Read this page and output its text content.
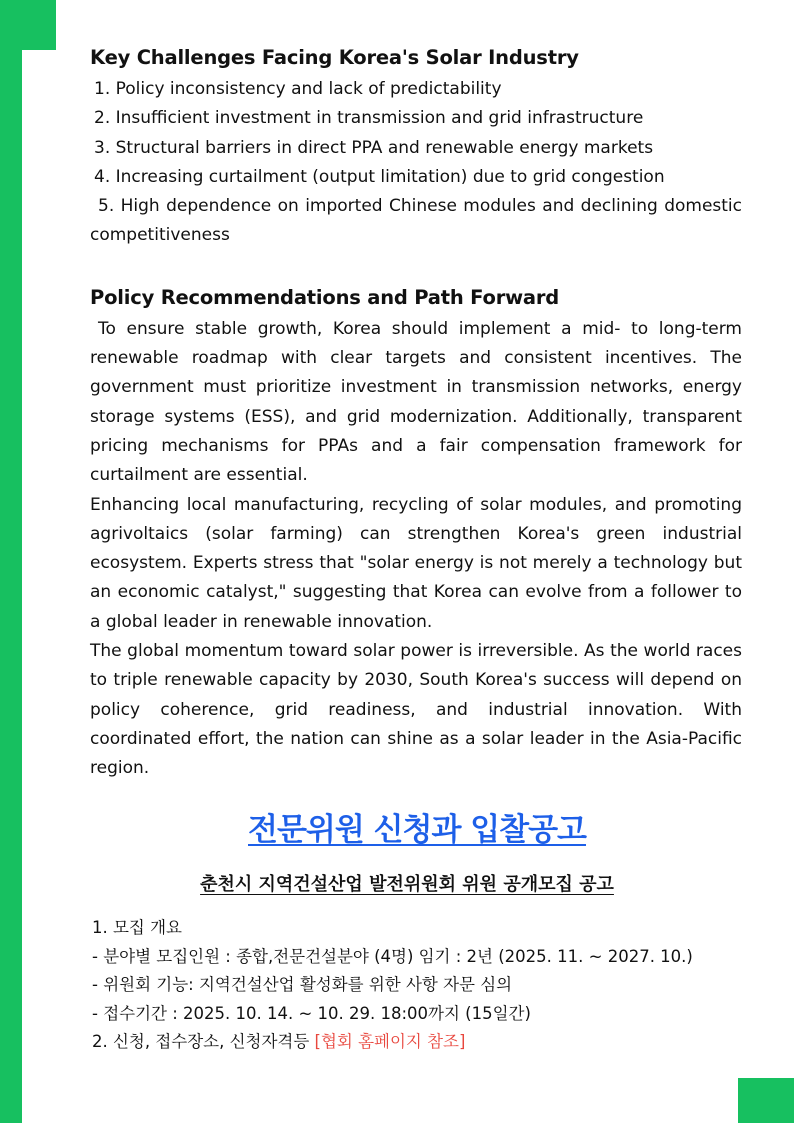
Key Challenges Facing Korea's Solar Industry
1. Policy inconsistency and lack of predictability
2. Insufficient investment in transmission and grid infrastructure
3. Structural barriers in direct PPA and renewable energy markets
4. Increasing curtailment (output limitation) due to grid congestion
5. High dependence on imported Chinese modules and declining domestic competitiveness
Policy Recommendations and Path Forward

To ensure stable growth, Korea should implement a mid- to long-term renewable roadmap with clear targets and consistent incentives. The government must prioritize investment in transmission networks, energy storage systems (ESS), and grid modernization. Additionally, transparent pricing mechanisms for PPAs and a fair compensation framework for curtailment are essential.

Enhancing local manufacturing, recycling of solar modules, and promoting agrivoltaics (solar farming) can strengthen Korea's green industrial ecosystem. Experts stress that "solar energy is not merely a technology but an economic catalyst," suggesting that Korea can evolve from a follower to a global leader in renewable innovation.

The global momentum toward solar power is irreversible. As the world races to triple renewable capacity by 2030, South Korea's success will depend on policy coherence, grid readiness, and industrial innovation. With coordinated effort, the nation can shine as a solar leader in the Asia-Pacific region.

전문위원 신청과 입찰공고
춘천시 지역건설산업 발전위원회 위원 공개모집 공고
1. 모집 개요
- 분야별 모집인원 : 종합,전문건설분야 (4명) 임기 : 2년 (2025. 11. ~ 2027. 10.)
- 위원회 기능: 지역건설산업 활성화를 위한 사항 자문 심의
- 접수기간 : 2025. 10. 14. ~ 10. 29. 18:00까지 (15일간)
2. 신청, 접수장소, 신청자격등 [협회 홈페이지 참조]
